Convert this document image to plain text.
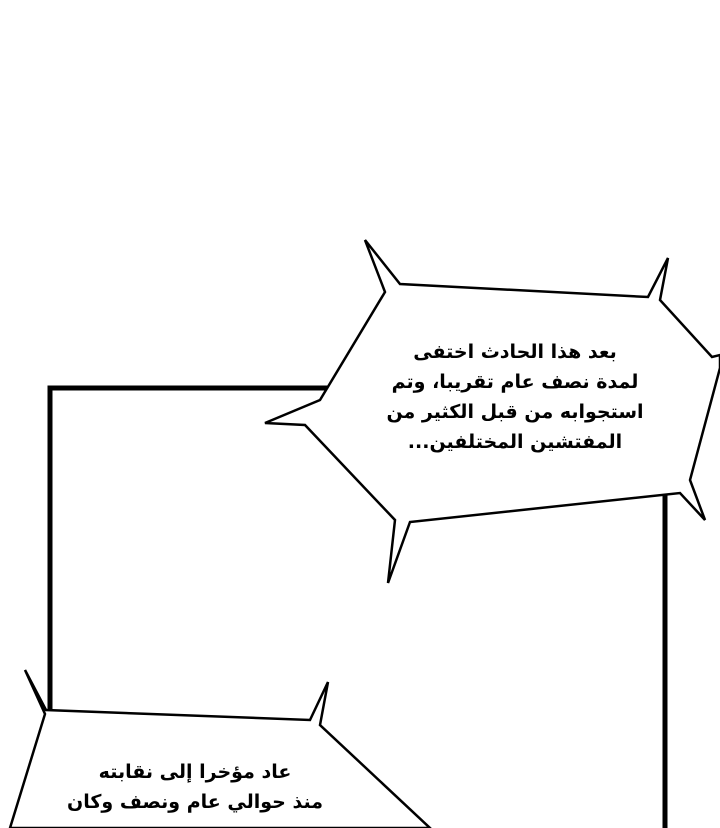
بعد هذا الحادث اختفى
لمدة نصف عام تقريبا، وتم
استجوابه من قبل الكثير من
المفتشين المختلفين...
عاد مؤخرا إلى نقابته
منذ حوالي عام ونصف وكان
